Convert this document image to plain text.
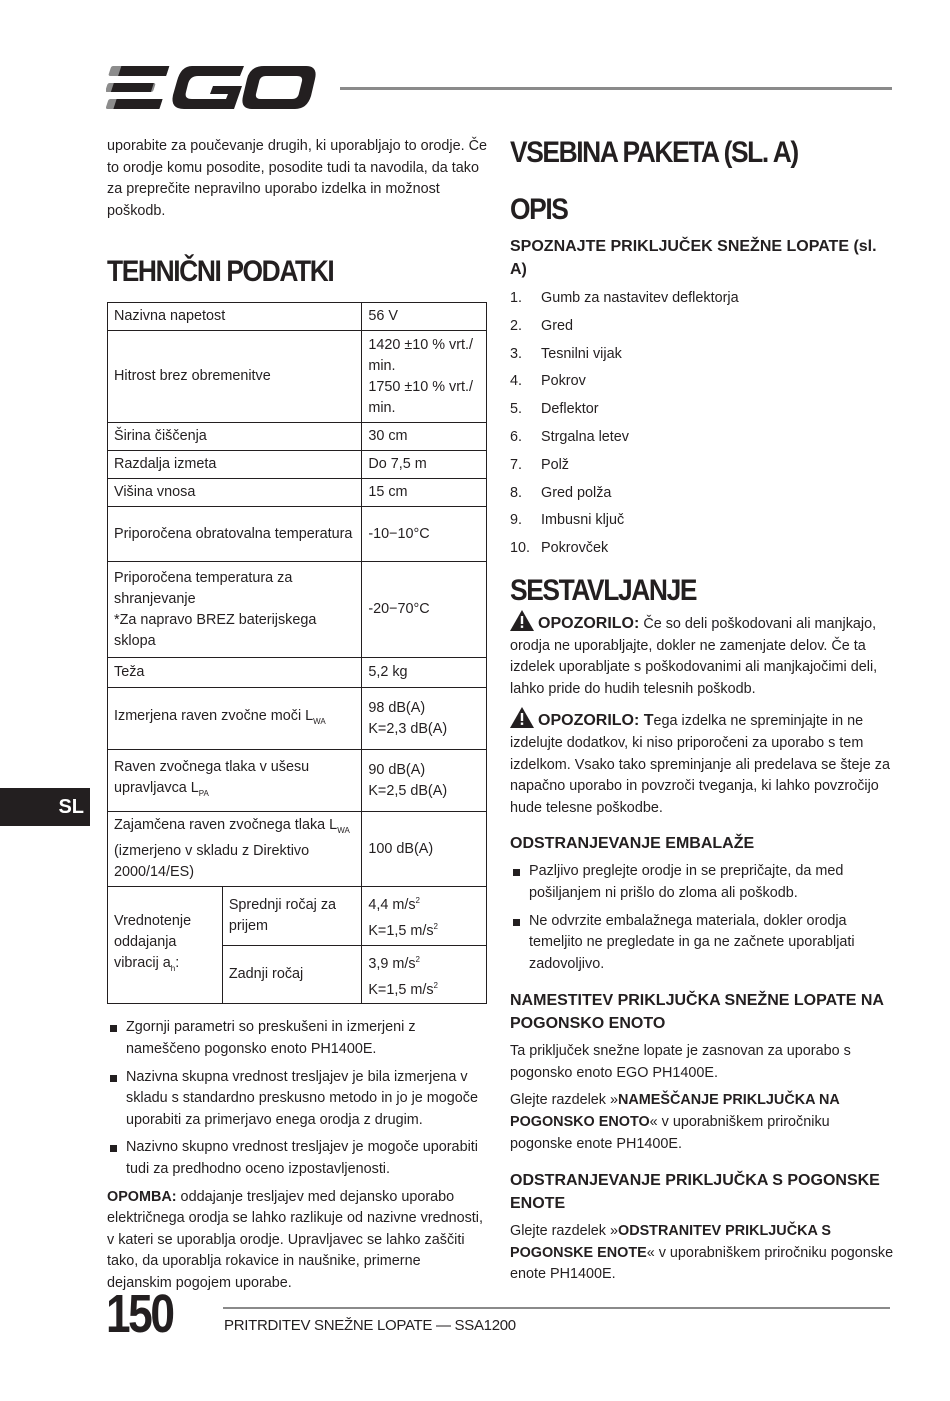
uporabite za poučevanje drugih, ki uporabljajo to orodje. Če to orodje komu posodite, posodite tudi ta navodila, da tako za preprečite nepravilno uporabo izdelka in možnost poškodb.

TEHNIČNI PODATKI
Nazivna napetost		56 V
Hitrost brez obremenitve		1420 ±10 % vrt./ min.
1750 ±10 % vrt./ min.

Širina čiščenja		30 cm
Razdalja izmeta		Do 7,5 m
Višina vnosa		15 cm
Priporočena obratovalna temperatura		-10−10°C

Priporočena temperatura za shranjevanje
*Za napravo BREZ baterijskega sklopa		-20−70°C
Teža		5,2 kg
Izmerjena raven zvočne moči $L_{WA}$		98 dB(A)
K=2,3 dB(A)

Raven zvočnega tlaka v ušesu upravljavca $L_{PA}$		90 dB(A)
K=2,5 dB(A)

Zajamčena raven zvočnega tlaka $L_{WA}$
(izmerjeno v skladu z Direktivo 2000/14/ES)		100 dB(A)
Vrednotenje oddajanja vibracij $a_h$:	Sprednji ročaj za prijem	4,4 $m/s^2$
K=1,5 $m/s^2$

	Zadnji ročaj	3,9 $m/s^2$
K=1,5 $m/s^2$

Zgornji parametri so preskušeni in izmerjeni z nameščeno pogonsko enoto PH1400E.

Nazivna skupna vrednost tresljajev je bila izmerjena v skladu s standardno preskusno metodo in jo je mogoče uporabiti za primerjavo enega orodja z drugim.

Nazivno skupno vrednost tresljajev je mogoče uporabiti tudi za predhodno oceno izpostavljenosti.

OPOMBA: oddajanje tresljajev med dejansko uporabo električnega orodja se lahko razlikuje od nazivne vrednosti, v kateri se uporablja orodje. Upravljavec se lahko zaščiti tako, da uporablja rokavice in naušnike, primerne dejanskim pogojem uporabe.

VSEBINA PAKETA (SL. A)
OPIS
SPOZNAJTE PRIKLJUČEK SNEŽNE LOPATE (sl. A)
1.	Gumb za nastavitev deflektorja
2.	Gred
3.	Tesnilni vijak
4.	Pokrov
5.	Deflektor
6.	Strgalna letev
7.	Polž
8.	Gred polža
9.	Imbusni ključ
10. Pokrovček
SESTAVLJANJE

OPOZORILO: Če so deli poškodovani ali manjkajo, orodja ne uporabljajte, dokler ne zamenjate delov. Če ta izdelek uporabljate s poškodovanimi ali manjkajočimi deli, lahko pride do hudih telesnih poškodb.

OPOZORILO: Tega izdelka ne spreminjajte in ne izdelujte dodatkov, ki niso priporočeni za uporabo s tem izdelkom. Vsako tako spreminjanje ali predelava se šteje za napačno uporabo in povzroči tveganja, ki lahko povzročijo hude telesne poškodbe.

ODSTRANJEVANJE EMBALAŽE

Pazljivo preglejte orodje in se prepričajte, da med pošiljanjem ni prišlo do zloma ali poškodb.

Ne odvrzite embalažnega materiala, dokler orodja temeljito ne pregledate in ga ne začnete uporabljati zadovoljivo.

NAMESTITEV PRIKLJUČKA SNEŽNE LOPATE NA POGONSKO ENOTO

Ta priključek snežne lopate je zasnovan za uporabo s pogonsko enoto EGO PH1400E.

Glejte razdelek »NAMEŠČANJE PRIKLJUČKA NA POGONSKO ENOTO« v uporabniškem priročniku pogonske enote PH1400E.

ODSTRANJEVANJE PRIKLJUČKA S POGONSKE ENOTE

Glejte razdelek »ODSTRANITEV PRIKLJUČKA S POGONSKE ENOTE« v uporabniškem priročniku pogonske enote PH1400E.

SL
150	PRITRDITEV SNEŽNE LOPATE — SSA1200
